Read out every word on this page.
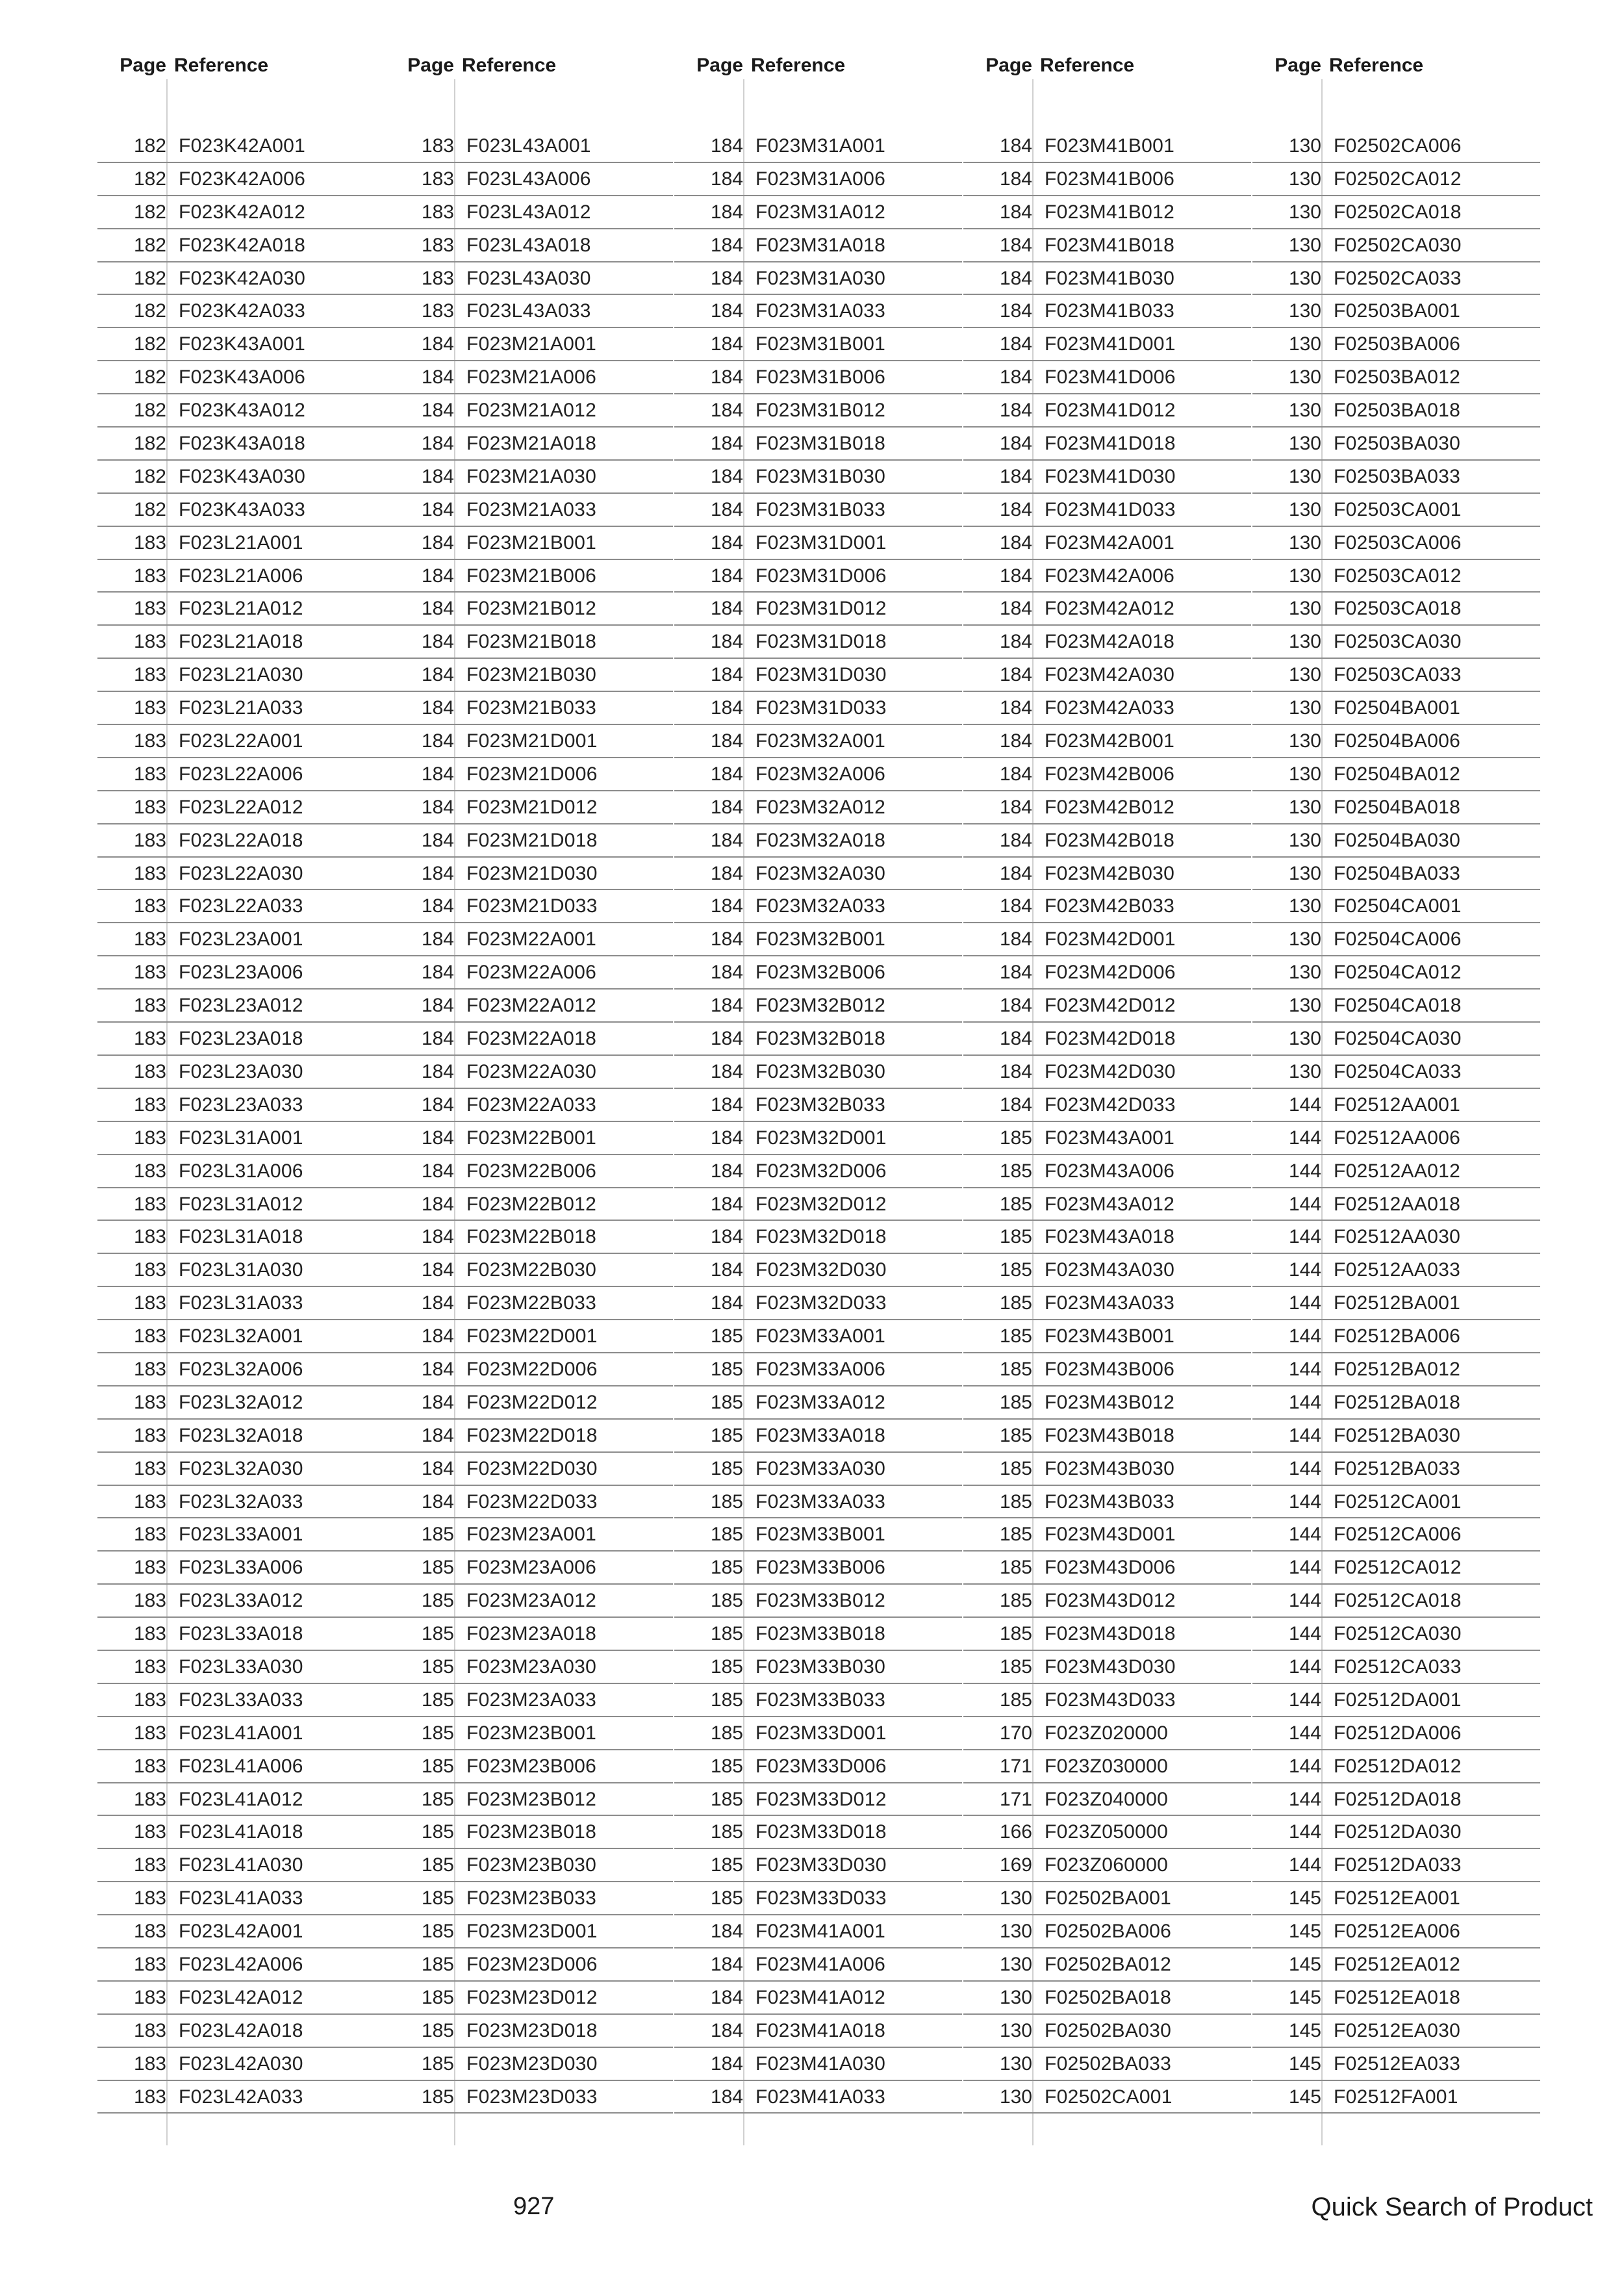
Page Reference
182 F023K42A001
182 F023K42A006
182 F023K42A012
182 F023K42A018
182 F023K42A030
182 F023K42A033
182 F023K43A001
182 F023K43A006
182 F023K43A012
182 F023K43A018
182 F023K43A030
182 F023K43A033
183 F023L21A001
183 F023L21A006
183 F023L21A012
183 F023L21A018
183 F023L21A030
183 F023L21A033
183 F023L22A001
183 F023L22A006
183 F023L22A012
183 F023L22A018
183 F023L22A030
183 F023L22A033
183 F023L23A001
183 F023L23A006
183 F023L23A012
183 F023L23A018
183 F023L23A030
183 F023L23A033
183 F023L31A001
183 F023L31A006
183 F023L31A012
183 F023L31A018
183 F023L31A030
183 F023L31A033
183 F023L32A001
183 F023L32A006
183 F023L32A012
183 F023L32A018
183 F023L32A030
183 F023L32A033
183 F023L33A001
183 F023L33A006
183 F023L33A012
183 F023L33A018
183 F023L33A030
183 F023L33A033
183 F023L41A001
183 F023L41A006
183 F023L41A012
183 F023L41A018
183 F023L41A030
183 F023L41A033
183 F023L42A001
183 F023L42A006
183 F023L42A012
183 F023L42A018
183 F023L42A030
183 F023L42A033
Page Reference
183 F023L43A001
183 F023L43A006
183 F023L43A012
183 F023L43A018
183 F023L43A030
183 F023L43A033
184 F023M21A001
184 F023M21A006
184 F023M21A012
184 F023M21A018
184 F023M21A030
184 F023M21A033
184 F023M21B001
184 F023M21B006
184 F023M21B012
184 F023M21B018
184 F023M21B030
184 F023M21B033
184 F023M21D001
184 F023M21D006
184 F023M21D012
184 F023M21D018
184 F023M21D030
184 F023M21D033
184 F023M22A001
184 F023M22A006
184 F023M22A012
184 F023M22A018
184 F023M22A030
184 F023M22A033
184 F023M22B001
184 F023M22B006
184 F023M22B012
184 F023M22B018
184 F023M22B030
184 F023M22B033
184 F023M22D001
184 F023M22D006
184 F023M22D012
184 F023M22D018
184 F023M22D030
184 F023M22D033
185 F023M23A001
185 F023M23A006
185 F023M23A012
185 F023M23A018
185 F023M23A030
185 F023M23A033
185 F023M23B001
185 F023M23B006
185 F023M23B012
185 F023M23B018
185 F023M23B030
185 F023M23B033
185 F023M23D001
185 F023M23D006
185 F023M23D012
185 F023M23D018
185 F023M23D030
185 F023M23D033
Page Reference
184 F023M31A001
184 F023M31A006
184 F023M31A012
184 F023M31A018
184 F023M31A030
184 F023M31A033
184 F023M31B001
184 F023M31B006
184 F023M31B012
184 F023M31B018
184 F023M31B030
184 F023M31B033
184 F023M31D001
184 F023M31D006
184 F023M31D012
184 F023M31D018
184 F023M31D030
184 F023M31D033
184 F023M32A001
184 F023M32A006
184 F023M32A012
184 F023M32A018
184 F023M32A030
184 F023M32A033
184 F023M32B001
184 F023M32B006
184 F023M32B012
184 F023M32B018
184 F023M32B030
184 F023M32B033
184 F023M32D001
184 F023M32D006
184 F023M32D012
184 F023M32D018
184 F023M32D030
184 F023M32D033
185 F023M33A001
185 F023M33A006
185 F023M33A012
185 F023M33A018
185 F023M33A030
185 F023M33A033
185 F023M33B001
185 F023M33B006
185 F023M33B012
185 F023M33B018
185 F023M33B030
185 F023M33B033
185 F023M33D001
185 F023M33D006
185 F023M33D012
185 F023M33D018
185 F023M33D030
185 F023M33D033
184 F023M41A001
184 F023M41A006
184 F023M41A012
184 F023M41A018
184 F023M41A030
184 F023M41A033
Page Reference
184 F023M41B001
184 F023M41B006
184 F023M41B012
184 F023M41B018
184 F023M41B030
184 F023M41B033
184 F023M41D001
184 F023M41D006
184 F023M41D012
184 F023M41D018
184 F023M41D030
184 F023M41D033
184 F023M42A001
184 F023M42A006
184 F023M42A012
184 F023M42A018
184 F023M42A030
184 F023M42A033
184 F023M42B001
184 F023M42B006
184 F023M42B012
184 F023M42B018
184 F023M42B030
184 F023M42B033
184 F023M42D001
184 F023M42D006
184 F023M42D012
184 F023M42D018
184 F023M42D030
184 F023M42D033
185 F023M43A001
185 F023M43A006
185 F023M43A012
185 F023M43A018
185 F023M43A030
185 F023M43A033
185 F023M43B001
185 F023M43B006
185 F023M43B012
185 F023M43B018
185 F023M43B030
185 F023M43B033
185 F023M43D001
185 F023M43D006
185 F023M43D012
185 F023M43D018
185 F023M43D030
185 F023M43D033
170 F023Z020000
171 F023Z030000
171 F023Z040000
166 F023Z050000
169 F023Z060000
130 F02502BA001
130 F02502BA006
130 F02502BA012
130 F02502BA018
130 F02502BA030
130 F02502BA033
130 F02502CA001
Page Reference
130 F02502CA006
130 F02502CA012
130 F02502CA018
130 F02502CA030
130 F02502CA033
130 F02503BA001
130 F02503BA006
130 F02503BA012
130 F02503BA018
130 F02503BA030
130 F02503BA033
130 F02503CA001
130 F02503CA006
130 F02503CA012
130 F02503CA018
130 F02503CA030
130 F02503CA033
130 F02504BA001
130 F02504BA006
130 F02504BA012
130 F02504BA018
130 F02504BA030
130 F02504BA033
130 F02504CA001
130 F02504CA006
130 F02504CA012
130 F02504CA018
130 F02504CA030
130 F02504CA033
144 F02512AA001
144 F02512AA006
144 F02512AA012
144 F02512AA018
144 F02512AA030
144 F02512AA033
144 F02512BA001
144 F02512BA006
144 F02512BA012
144 F02512BA018
144 F02512BA030
144 F02512BA033
144 F02512CA001
144 F02512CA006
144 F02512CA012
144 F02512CA018
144 F02512CA030
144 F02512CA033
144 F02512DA001
144 F02512DA006
144 F02512DA012
144 F02512DA018
144 F02512DA030
144 F02512DA033
145 F02512EA001
145 F02512EA006
145 F02512EA012
145 F02512EA018
145 F02512EA030
145 F02512EA033
145 F02512FA001
927	Quick Search of Product
